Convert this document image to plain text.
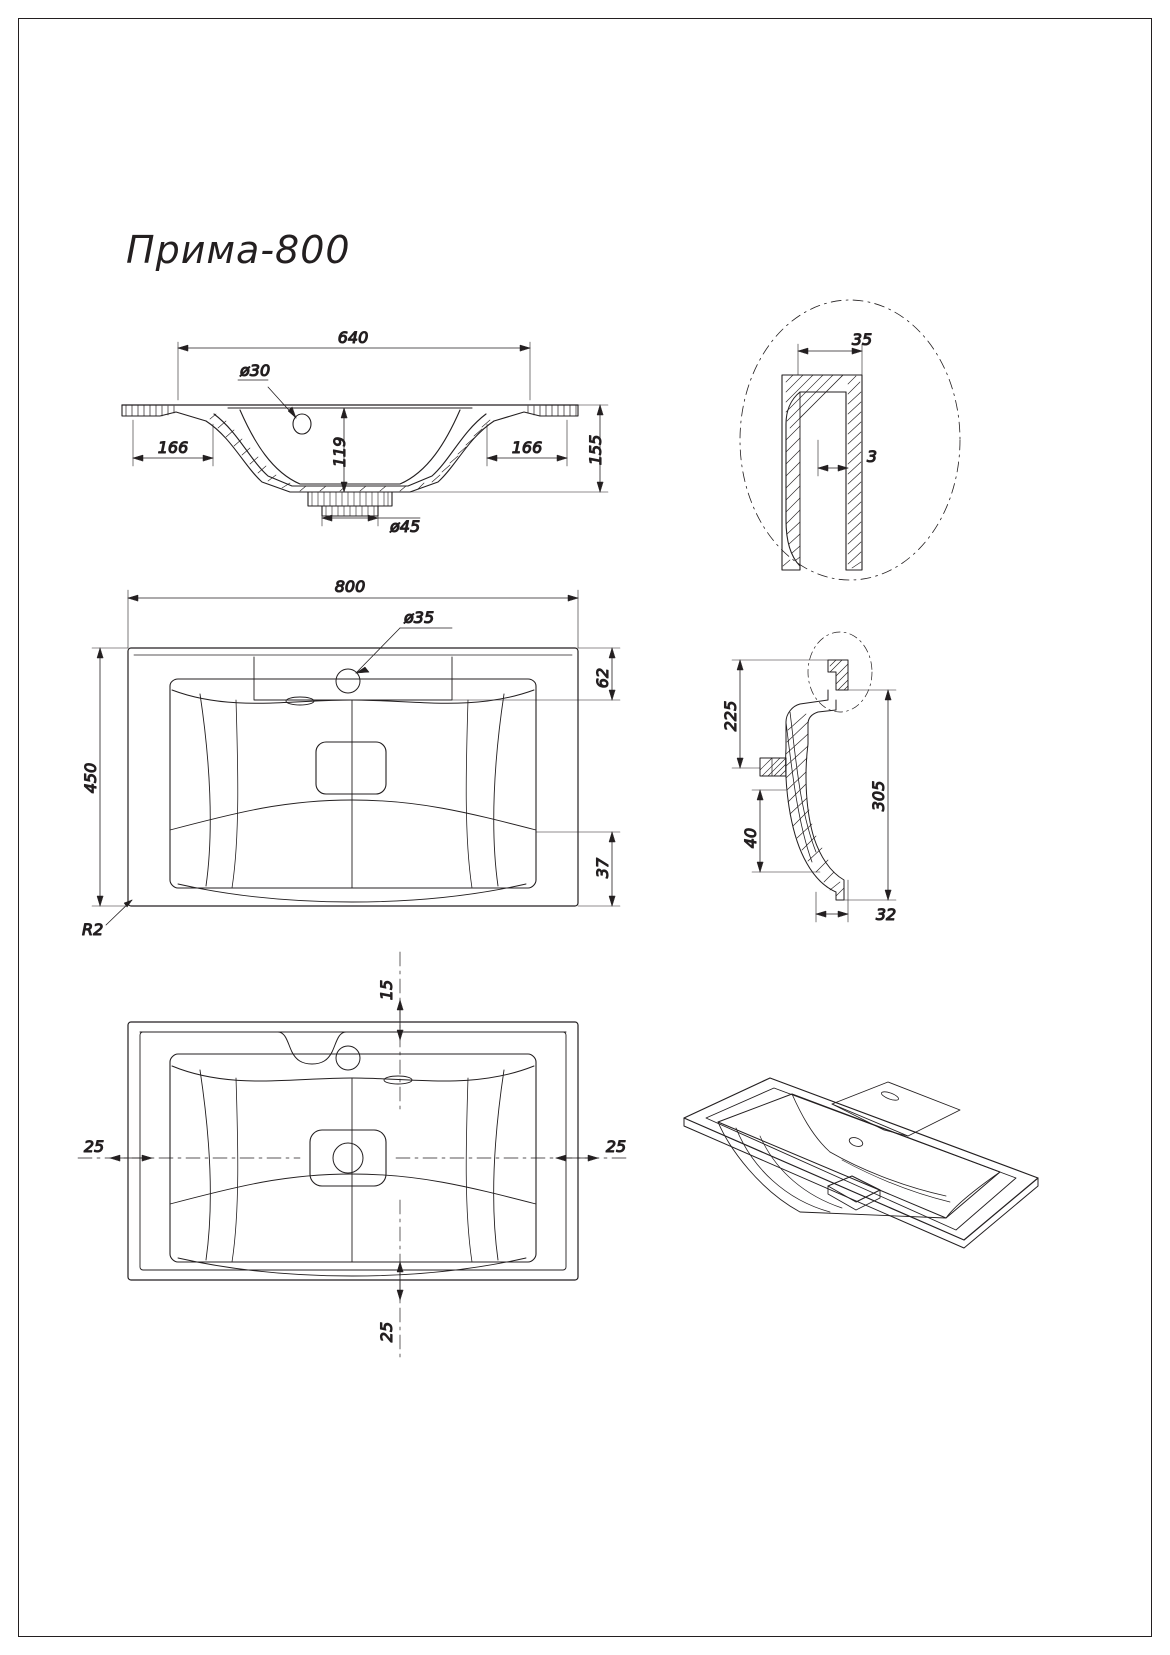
Прима-800
640
ø30
119
166	166	155
ø45
35
3
800
ø35
450
62
37
R2
225
305
40
32
15
25	25
25
